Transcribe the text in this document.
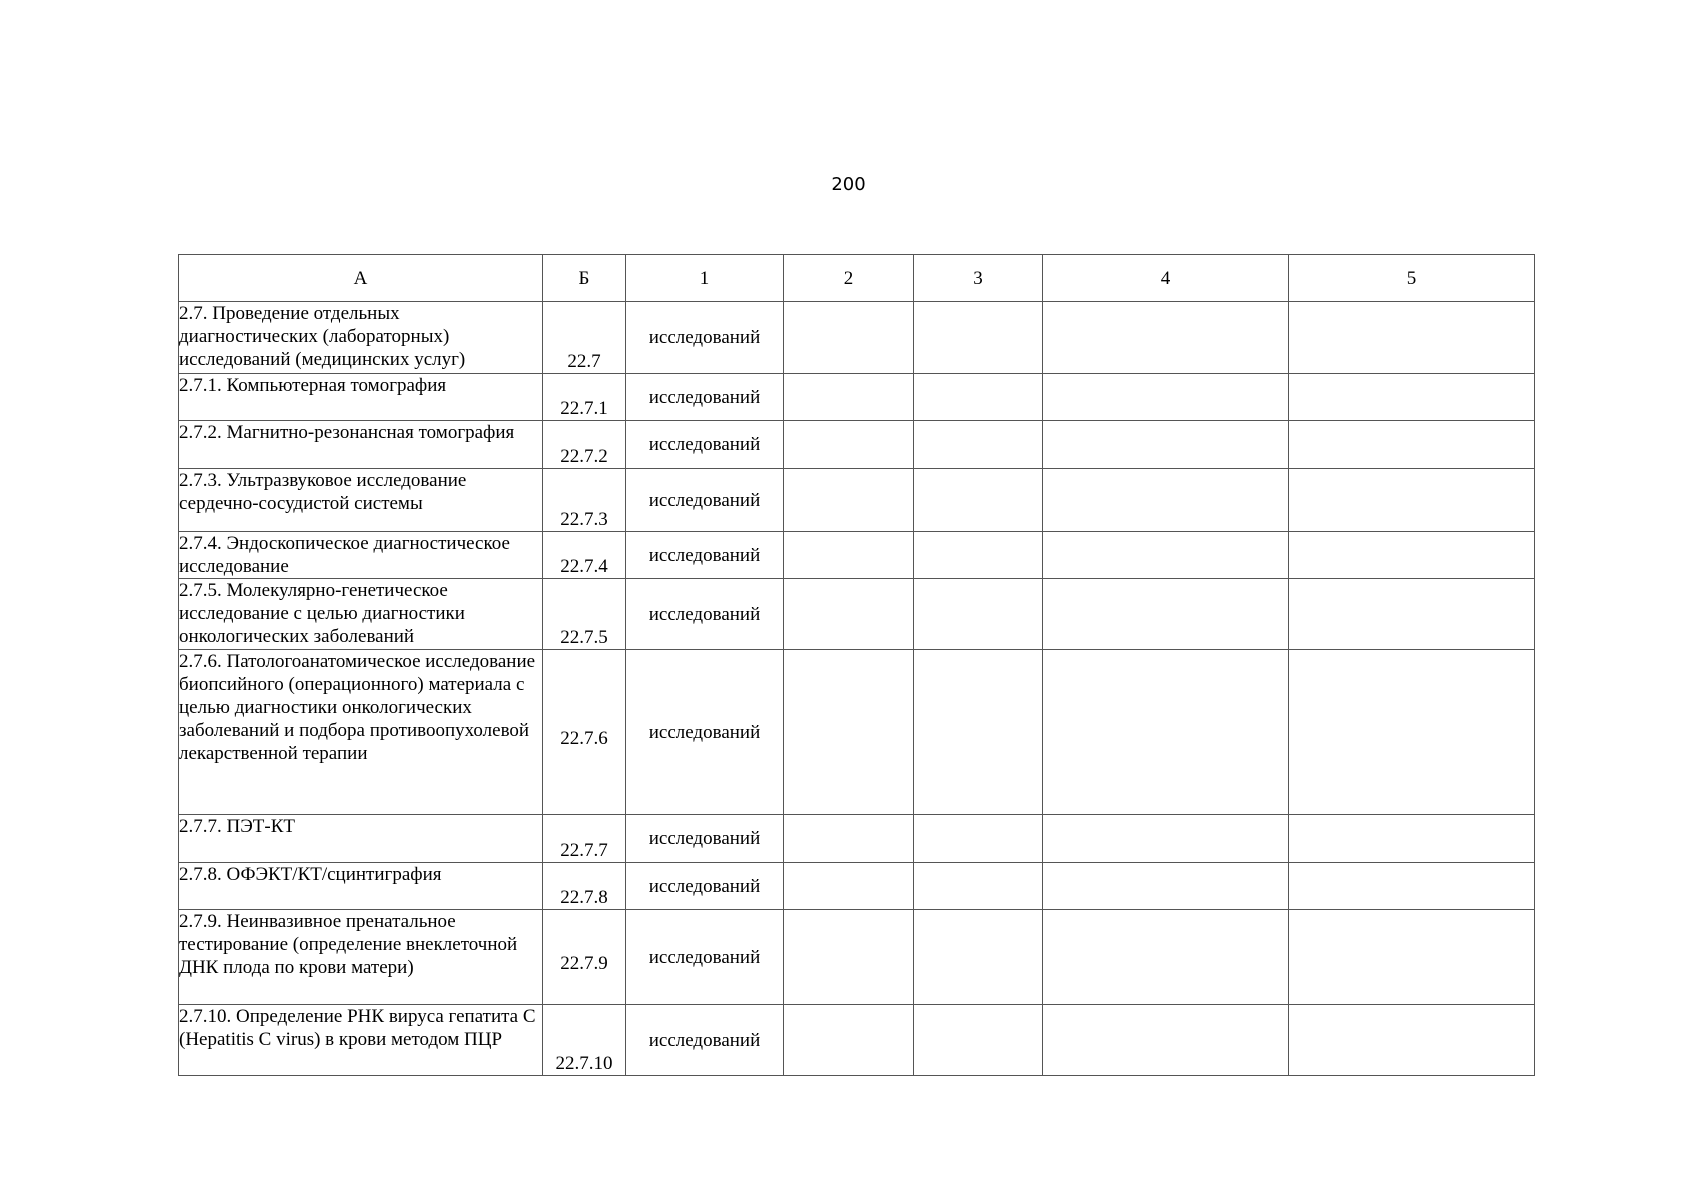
200
А	Б	1	2	3	4	5
2.7. Проведение отдельных диагностических (лабораторных) исследований (медицинских услуг)	22.7	исследований				
2.7.1. Компьютерная томография	22.7.1	исследований				
2.7.2. Магнитно-резонансная томография	22.7.2	исследований				
2.7.3. Ультразвуковое исследование сердечно-сосудистой системы	22.7.3	исследований				
2.7.4. Эндоскопическое диагностическое исследование	22.7.4	исследований				
2.7.5. Молекулярно-генетическое исследование с целью диагностики онкологических заболеваний	22.7.5	исследований				
2.7.6. Патологоанатомическое исследование биопсийного (операционного) материала с целью диагностики онкологических заболеваний и подбора противоопухолевой лекарственной терапии	22.7.6	исследований				
2.7.7. ПЭТ-КТ	22.7.7	исследований				
2.7.8. ОФЭКТ/КТ/сцинтиграфия	22.7.8	исследований				
2.7.9. Неинвазивное пренатальное тестирование (определение внеклеточной ДНК плода по крови матери)	22.7.9	исследований				
2.7.10. Определение РНК вируса гепатита C (Hepatitis C virus) в крови методом ПЦР	22.7.10	исследований				
